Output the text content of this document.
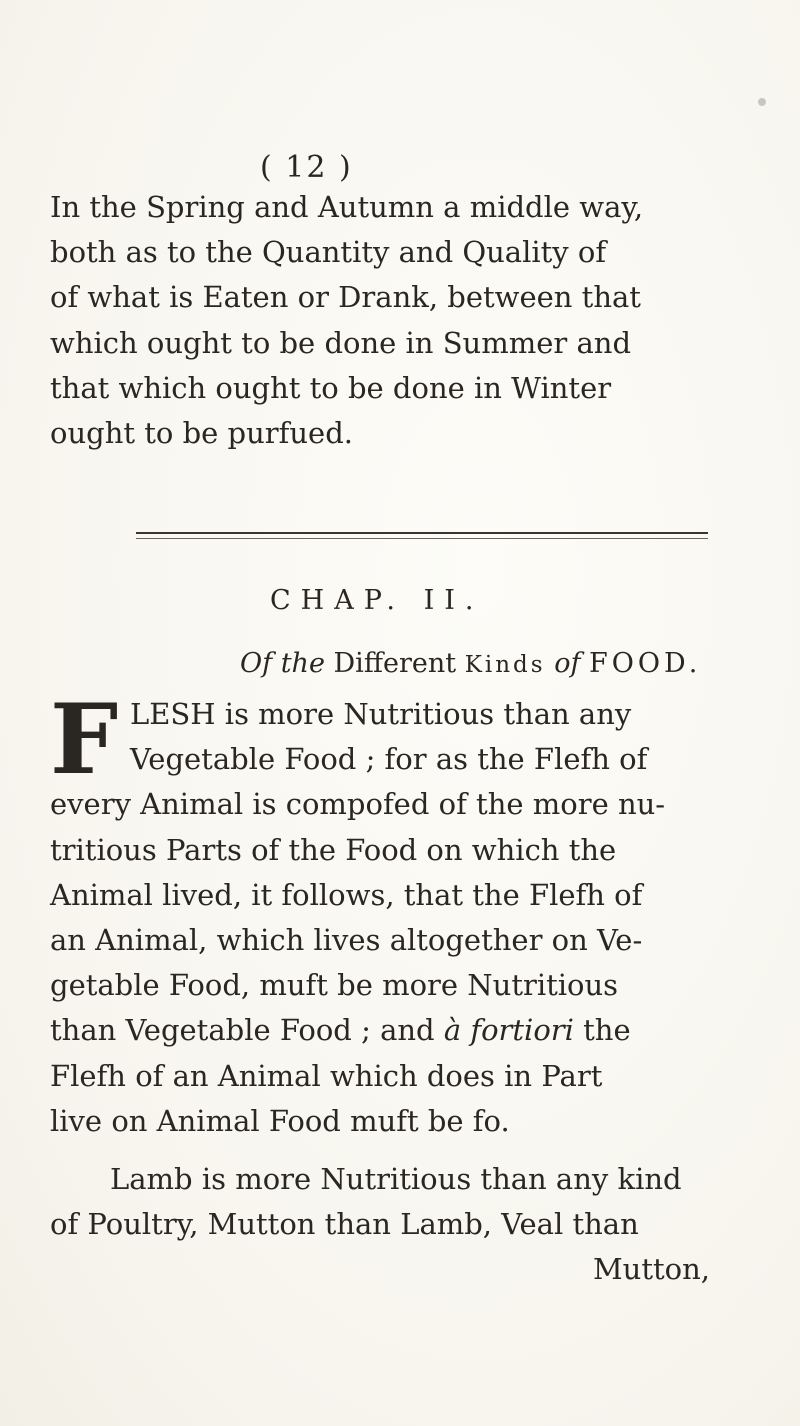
( 12 )
In the Spring and Autumn a middle way,
both as to the Quantity and Quality of
of what is Eaten or Drank, between that
which ought to be done in Summer and
that which ought to be done in Winter
ought to be purfued.
CHAP. II.
Of the Different Kinds of FOOD.
F LESH is more Nutritious than any
Vegetable Food ; for as the Flefh of
every Animal is compofed of the more nu-
tritious Parts of the Food on which the
Animal lived, it follows, that the Flefh of
an Animal, which lives altogether on Ve-
getable Food, muft be more Nutritious
than Vegetable Food ; and à fortiori the
Flefh of an Animal which does in Part
live on Animal Food muft be fo.
Lamb is more Nutritious than any kind
of Poultry, Mutton than Lamb, Veal than
Mutton,
